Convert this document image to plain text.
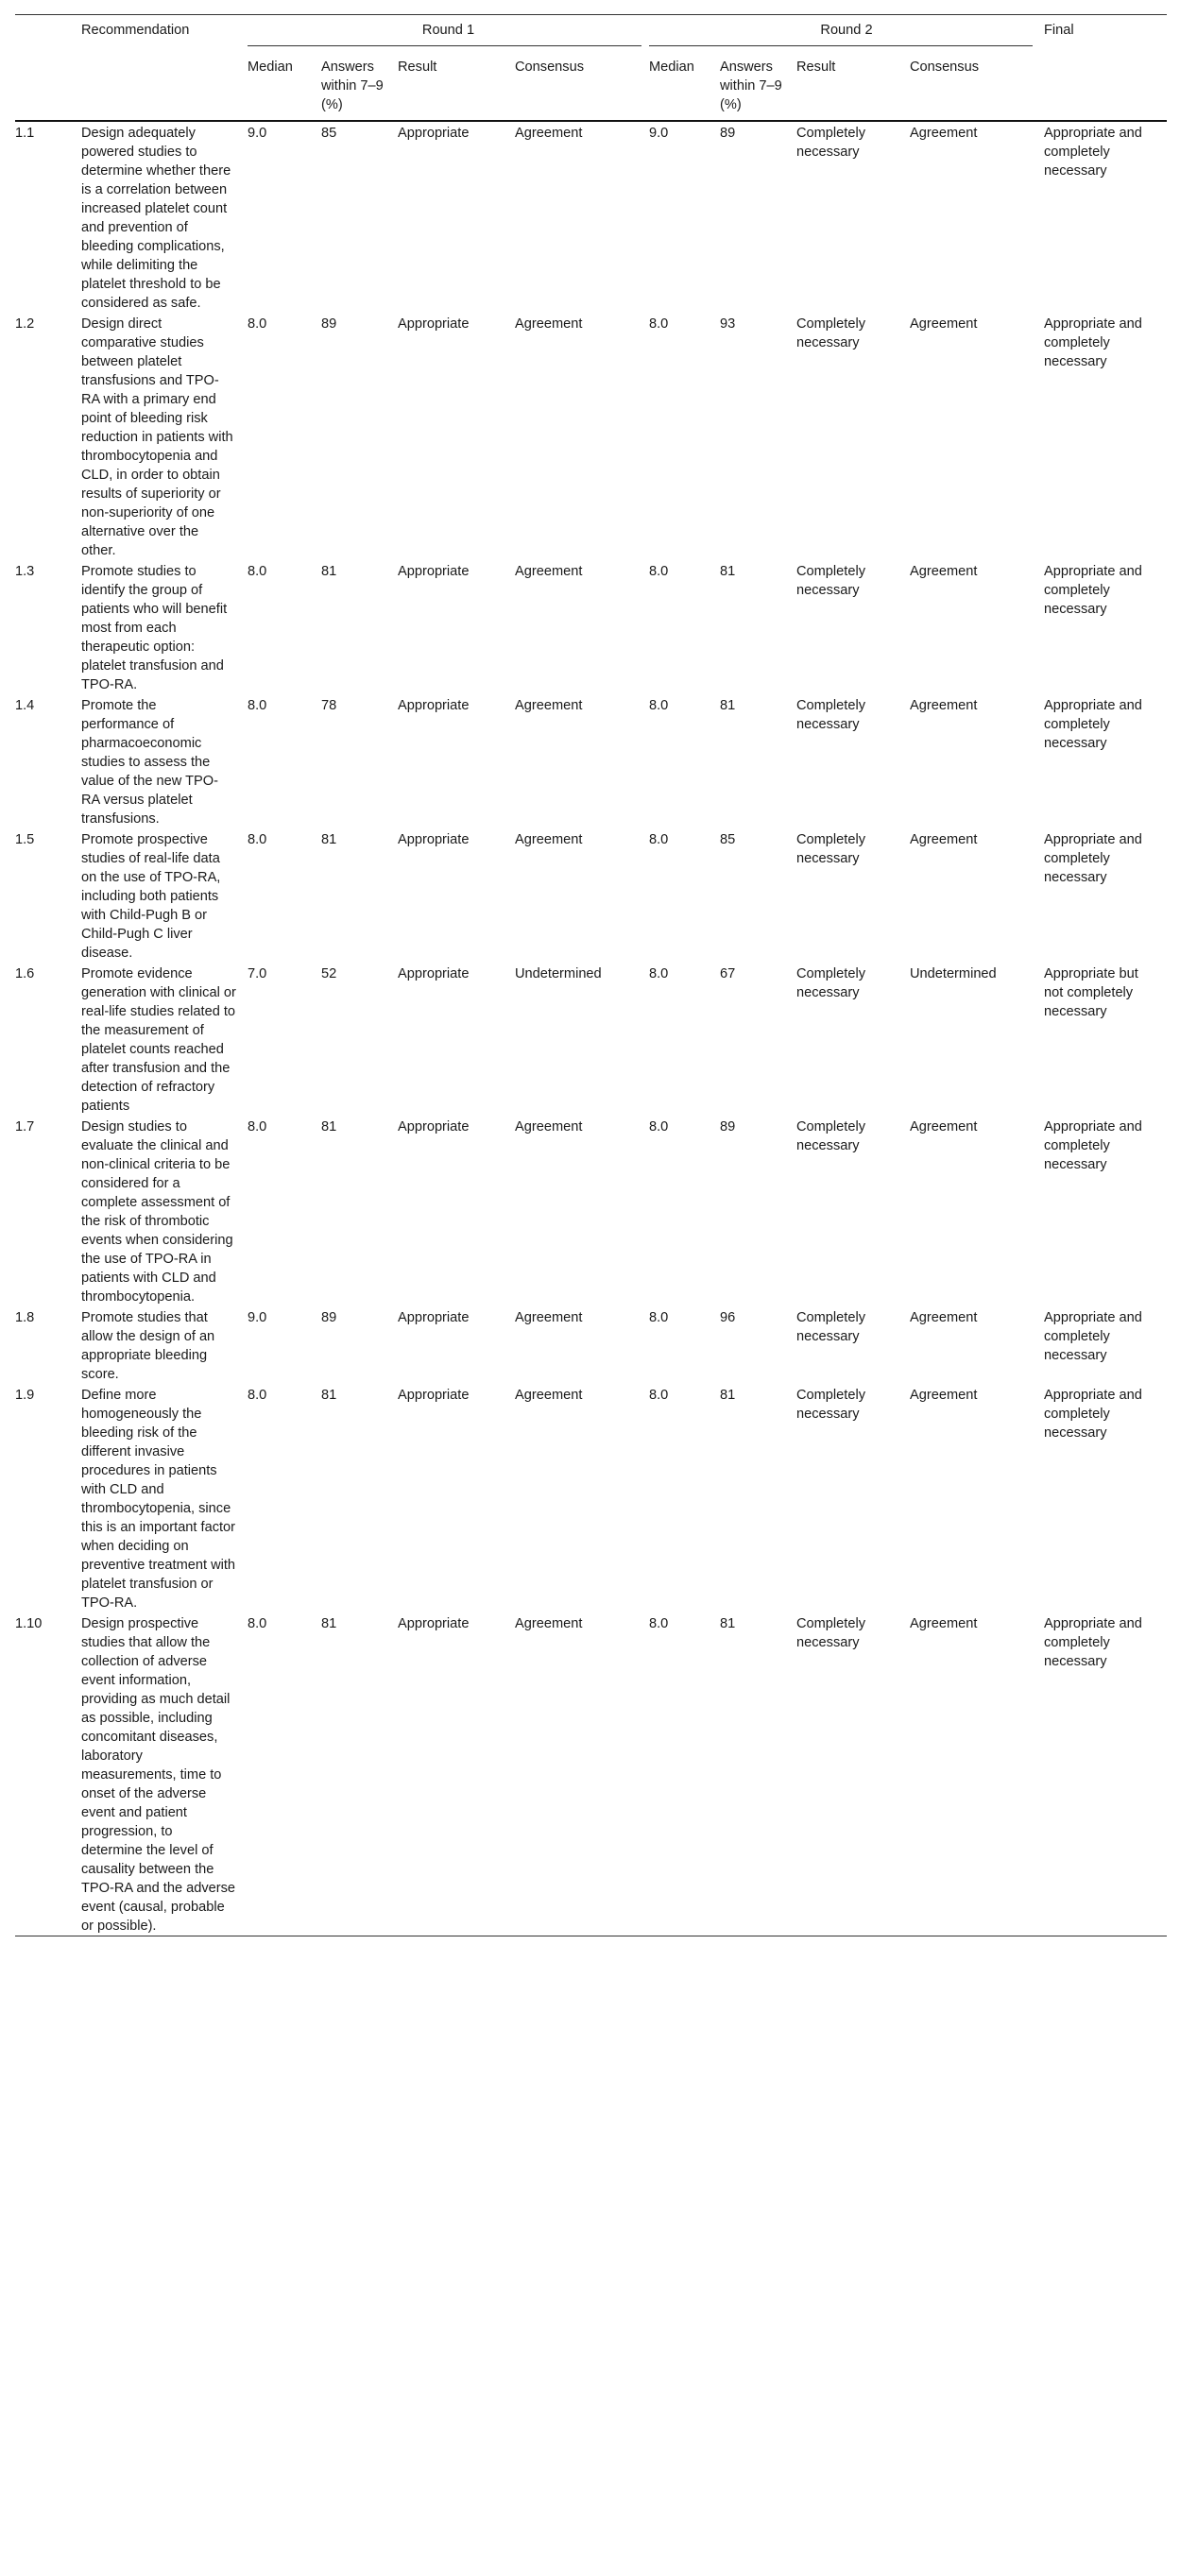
	Recommendation	Round 1				Round 2				Final
		Median	Answers within 7–9 (%)	Result	Consensus	Median	Answers within 7–9 (%)	Result	Consensus	
1.1	Design adequately powered studies to determine whether there is a correlation between increased platelet count and prevention of bleeding complications, while delimiting the platelet threshold to be considered as safe.	9.0	85	Appropriate	Agreement	9.0	89	Completely necessary	Agreement	Appropriate and completely necessary
1.2	Design direct comparative studies between platelet transfusions and TPO-RA with a primary end point of bleeding risk reduction in patients with thrombocytopenia and CLD, in order to obtain results of superiority or non-superiority of one alternative over the other.	8.0	89	Appropriate	Agreement	8.0	93	Completely necessary	Agreement	Appropriate and completely necessary
1.3	Promote studies to identify the group of patients who will benefit most from each therapeutic option: platelet transfusion and TPO-RA.	8.0	81	Appropriate	Agreement	8.0	81	Completely necessary	Agreement	Appropriate and completely necessary
1.4	Promote the performance of pharmacoeconomic studies to assess the value of the new TPO-RA versus platelet transfusions.	8.0	78	Appropriate	Agreement	8.0	81	Completely necessary	Agreement	Appropriate and completely necessary
1.5	Promote prospective studies of real-life data on the use of TPO-RA, including both patients with Child-Pugh B or Child-Pugh C liver disease.	8.0	81	Appropriate	Agreement	8.0	85	Completely necessary	Agreement	Appropriate and completely necessary
1.6	Promote evidence generation with clinical or real-life studies related to the measurement of platelet counts reached after transfusion and the detection of refractory patients	7.0	52	Appropriate	Undetermined	8.0	67	Completely necessary	Undetermined	Appropriate but not completely necessary
1.7	Design studies to evaluate the clinical and non-clinical criteria to be considered for a complete assessment of the risk of thrombotic events when considering the use of TPO-RA in patients with CLD and thrombocytopenia.	8.0	81	Appropriate	Agreement	8.0	89	Completely necessary	Agreement	Appropriate and completely necessary
1.8	Promote studies that allow the design of an appropriate bleeding score.	9.0	89	Appropriate	Agreement	8.0	96	Completely necessary	Agreement	Appropriate and completely necessary
1.9	Define more homogeneously the bleeding risk of the different invasive procedures in patients with CLD and thrombocytopenia, since this is an important factor when deciding on preventive treatment with platelet transfusion or TPO-RA.	8.0	81	Appropriate	Agreement	8.0	81	Completely necessary	Agreement	Appropriate and completely necessary
1.10	Design prospective studies that allow the collection of adverse event information, providing as much detail as possible, including concomitant diseases, laboratory measurements, time to onset of the adverse event and patient progression, to determine the level of causality between the TPO-RA and the adverse event (causal, probable or possible).	8.0	81	Appropriate	Agreement	8.0	81	Completely necessary	Agreement	Appropriate and completely necessary
